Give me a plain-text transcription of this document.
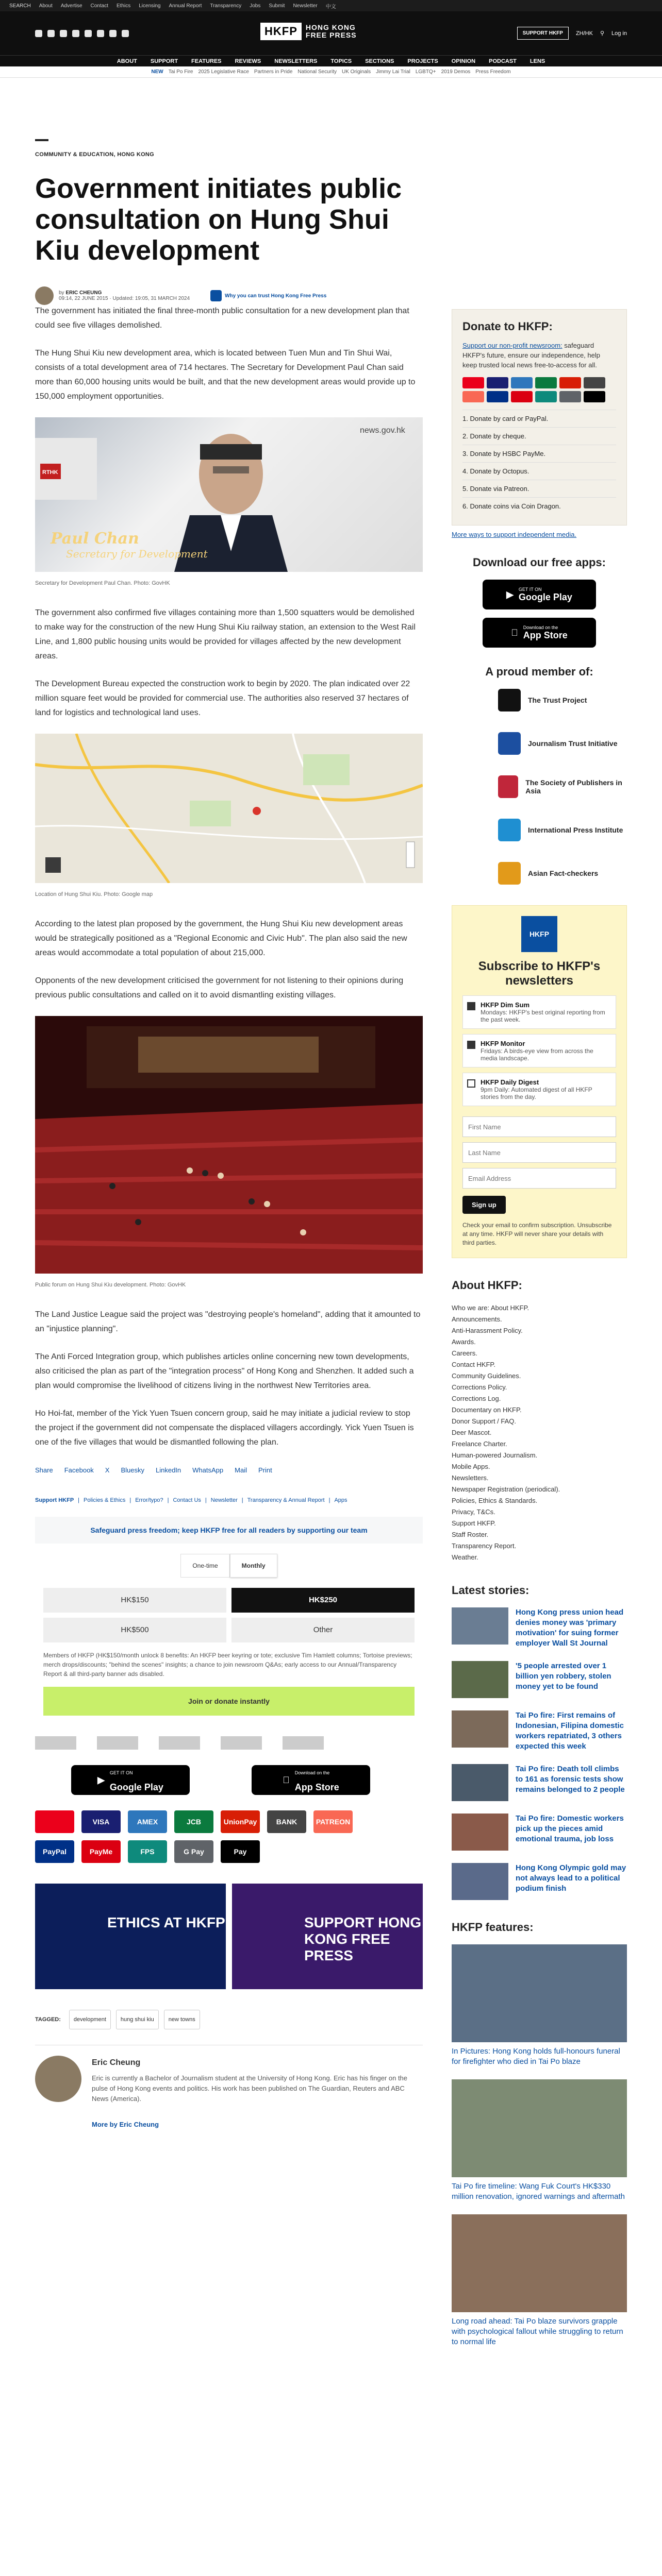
SEARCH About Advertise Contact Ethics Licensing Annual Report Transparency Jobs Submit Newsletter 中文
HKFP	HONG KONG
FREE PRESS	SUPPORT HKFP	ZH/HK ⚲ Log in
ABOUT SUPPORT FEATURES REVIEWS NEWSLETTERS TOPICS SECTIONS PROJECTS OPINION PODCAST LENS
NEW Tai Po Fire 2025 Legislative Race Partners in Pride National Security UK Originals Jimmy Lai Trial LGBTQ+ 2019 Demos Press Freedom
COMMUNITY & EDUCATION, HONG KONG
Government initiates public consultation on Hung Shui Kiu development
by ERIC CHEUNG
09:14, 22 JUNE 2015 · Updated: 19:05, 31 MARCH 2024	Why you can trust Hong Kong Free Press

The government has initiated the final three-month public consultation for a new development plan that could see five villages demolished.

The Hung Shui Kiu new development area, which is located between Tuen Mun and Tin Shui Wai, consists of a total development area of 714 hectares. The Secretary for Development Paul Chan said more than 60,000 housing units would be built, and that the new development areas would provide up to 150,000 employment opportunities.

RTHK
Paul Chan
Secretary for Development
news.gov.hk
Secretary for Development Paul Chan. Photo: GovHK

The government also confirmed five villages containing more than 1,500 squatters would be demolished to make way for the construction of the new Hung Shui Kiu railway station, an extension to the West Rail Line, and 1,800 public housing units would be provided for villages affected by the new development areas.

The Development Bureau expected the construction work to begin by 2020. The plan indicated over 22 million square feet would be provided for commercial use. The authorities also reserved 37 hectares of land for logistics and technological land uses.

Location of Hung Shui Kiu. Photo: Google map

According to the latest plan proposed by the government, the Hung Shui Kiu new development areas would be strategically positioned as a "Regional Economic and Civic Hub". The plan also said the new areas would accommodate a total population of about 215,000.

Opponents of the new development criticised the government for not listening to their opinions during previous public consultations and called on it to avoid dismantling existing villages.

Public forum on Hung Shui Kiu development. Photo: GovHK

The Land Justice League said the project was "destroying people's homeland", adding that it amounted to an "injustice planning".

The Anti Forced Integration group, which publishes articles online concerning new town developments, also criticised the plan as part of the "integration process" of Hong Kong and Shenzhen. It added such a plan would compromise the livelihood of citizens living in the northwest New Territories area.

Ho Hoi-fat, member of the Yick Yuen Tsuen concern group, said he may initiate a judicial review to stop the project if the government did not compensate the displaced villagers accordingly. Yick Yuen Tsuen is one of the five villages that would be dismantled following the plan.

Share Facebook X Bluesky LinkedIn WhatsApp Mail Print
Support HKFP | Policies & Ethics | Error/typo? | Contact Us | Newsletter | Transparency & Annual Report | Apps
Safeguard press freedom; keep HKFP free for all readers by supporting our team
One-time	Monthly
HK$150	HK$250
HK$500	Other
Members of HKFP (HK$150/month unlock 8 benefits: An HKFP beer keyring or tote; exclusive Tim Hamlett columns; Tortoise previews; merch drops/discounts; "behind the scenes" insights; a chance to join newsroom Q&As; early access to our Annual/Transparency Report & all third-party banner ads disabled.
Join or donate instantly
▶
GET IT ON
Google Play
Download on the
App Store
VISA	AMEX	JCB	UnionPay	BANK	PATREON
PayPal	PayMe	FPS	G Pay	Pay
ETHICS AT HKFP	SUPPORT HONG KONG FREE PRESS
TAGGED:	development	hung shui kiu	new towns
Eric Cheung

Eric is currently a Bachelor of Journalism student at the University of Hong Kong. Eric has his finger on the pulse of Hong Kong events and politics. His work has been published on The Guardian, Reuters and ABC News (America).

More by Eric Cheung
Donate to HKFP:
Support our non-profit newsroom: safeguard HKFP's future, ensure our independence, help keep trusted local news free-to-access for all.
1. Donate by card or PayPal.
2. Donate by cheque.
3. Donate by HSBC PayMe.
4. Donate by Octopus.
5. Donate via Patreon.
6. Donate coins via Coin Dragon.
More ways to support independent media.
Download our free apps:
▶ GET IT ON
Google Play
Download on the
App Store
A proud member of:
The Trust Project
Journalism Trust Initiative
The Society of Publishers in Asia
International Press Institute
Asian Fact-checkers
HKFP
Subscribe to HKFP's newsletters
HKFP Dim Sum
Mondays: HKFP's best original reporting from the past week.
HKFP Monitor
Fridays: A birds-eye view from across the media landscape.
HKFP Daily Digest
9pm Daily: Automated digest of all HKFP stories from the day.
First Name Last Name Email Address Sign up
Check your email to confirm subscription. Unsubscribe at any time. HKFP will never share your details with third parties.
About HKFP:
Who we are: About HKFP.
Announcements.
Anti-Harassment Policy.
Awards.
Careers.
Contact HKFP.
Community Guidelines.
Corrections Policy.
Corrections Log.
Documentary on HKFP.
Donor Support / FAQ.
Deer Mascot.
Freelance Charter.
Human-powered Journalism.
Mobile Apps.
Newsletters.
Newspaper Registration (periodical).
Policies, Ethics & Standards.
Privacy, T&Cs.
Support HKFP.
Staff Roster.
Transparency Report.
Weather.
Latest stories:
Hong Kong press union head denies money was 'primary motivation' for suing former employer Wall St Journal
'5 people arrested over 1 billion yen robbery, stolen money yet to be found
Tai Po fire: First remains of Indonesian, Filipina domestic workers repatriated, 3 others expected this week
Tai Po fire: Death toll climbs to 161 as forensic tests show remains belonged to 2 people
Tai Po fire: Domestic workers pick up the pieces amid emotional trauma, job loss
Hong Kong Olympic gold may not always lead to a political podium finish
HKFP features:
In Pictures: Hong Kong holds full-honours funeral for firefighter who died in Tai Po blaze
Tai Po fire timeline: Wang Fuk Court's HK$330 million renovation, ignored warnings and aftermath
Long road ahead: Tai Po blaze survivors grapple with psychological fallout while struggling to return to normal life
